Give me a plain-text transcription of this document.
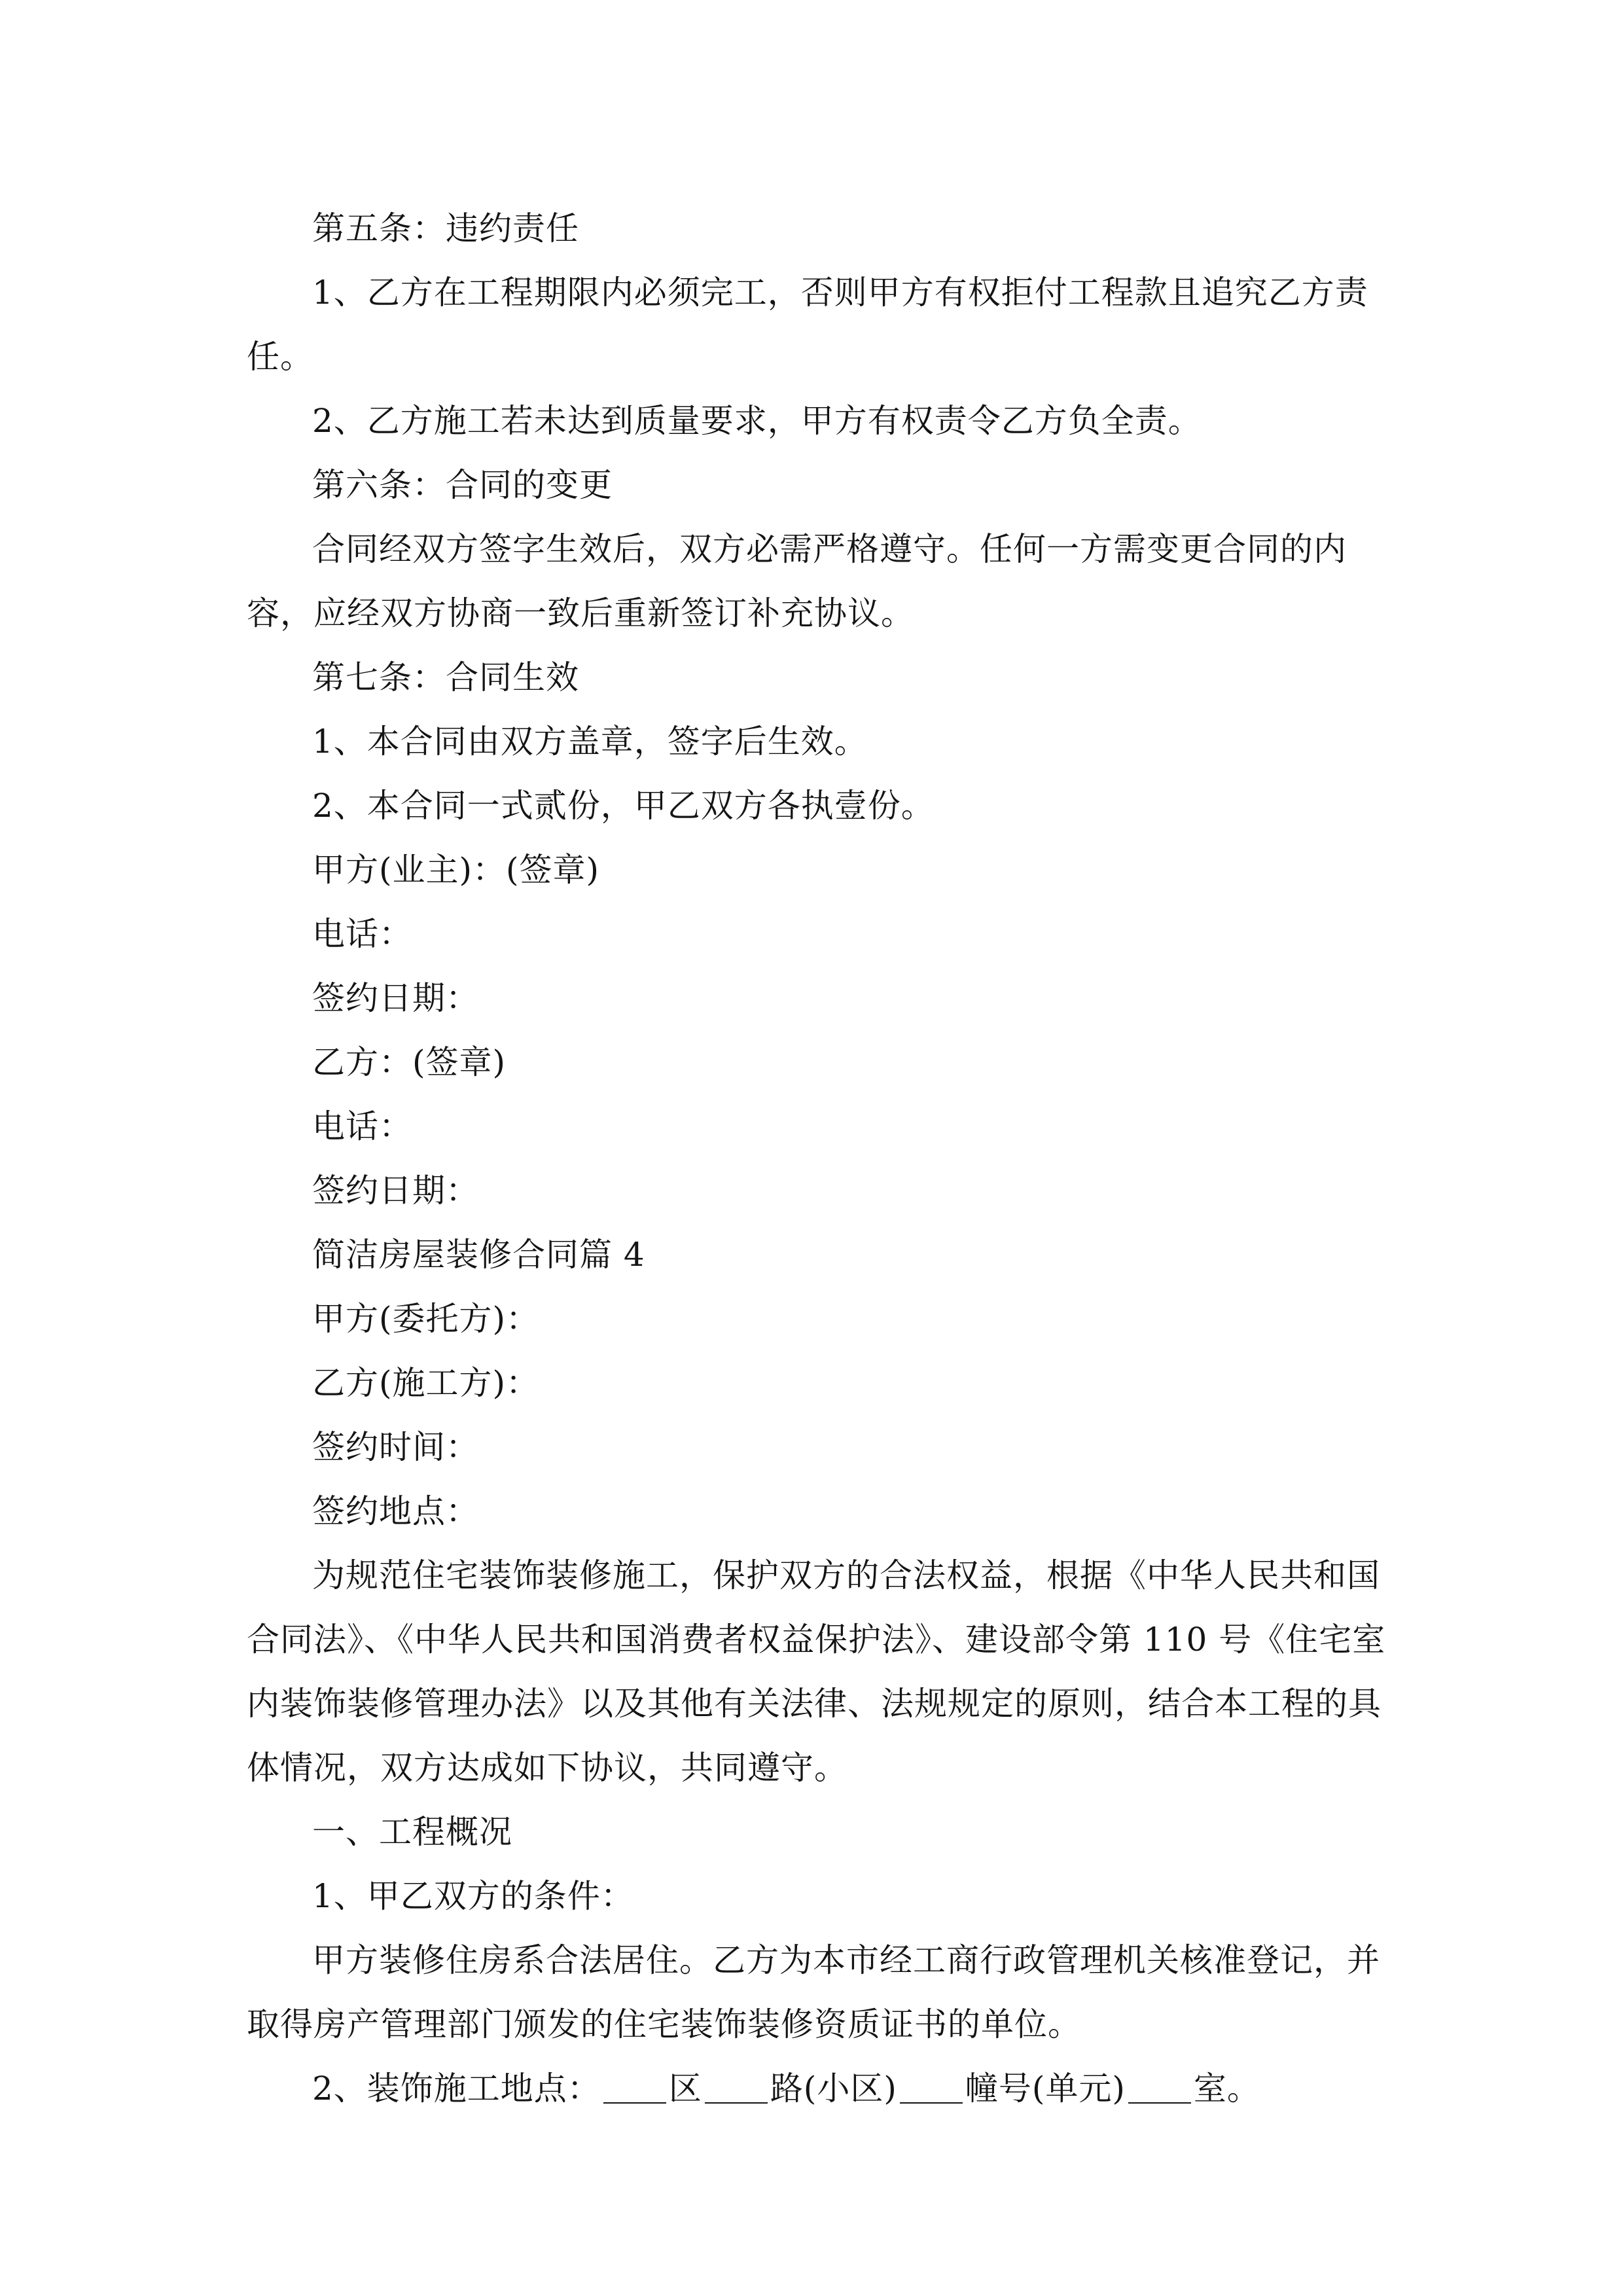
第五条：违约责任

1、乙方在工程期限内必须完工，否则甲方有权拒付工程款且追究乙方责任。

2、乙方施工若未达到质量要求，甲方有权责令乙方负全责。

第六条：合同的变更

合同经双方签字生效后，双方必需严格遵守。任何一方需变更合同的内容，应经双方协商一致后重新签订补充协议。

第七条：合同生效

1、本合同由双方盖章，签字后生效。

2、本合同一式贰份，甲乙双方各执壹份。

甲方(业主)：(签章)

电话：

签约日期：

乙方：(签章)

电话：

签约日期：

简洁房屋装修合同篇 4

甲方(委托方)：

乙方(施工方)：

签约时间：

签约地点：

为规范住宅装饰装修施工，保护双方的合法权益，根据《中华人民共和国合同法》、《中华人民共和国消费者权益保护法》、建设部令第 110 号《住宅室内装饰装修管理办法》以及其他有关法律、法规规定的原则，结合本工程的具体情况，双方达成如下协议，共同遵守。

一、工程概况

1、甲乙双方的条件：

甲方装修住房系合法居住。乙方为本市经工商行政管理机关核准登记，并取得房产管理部门颁发的住宅装饰装修资质证书的单位。

2、装饰施工地点： 区 路(小区) 幢号(单元) 室。
